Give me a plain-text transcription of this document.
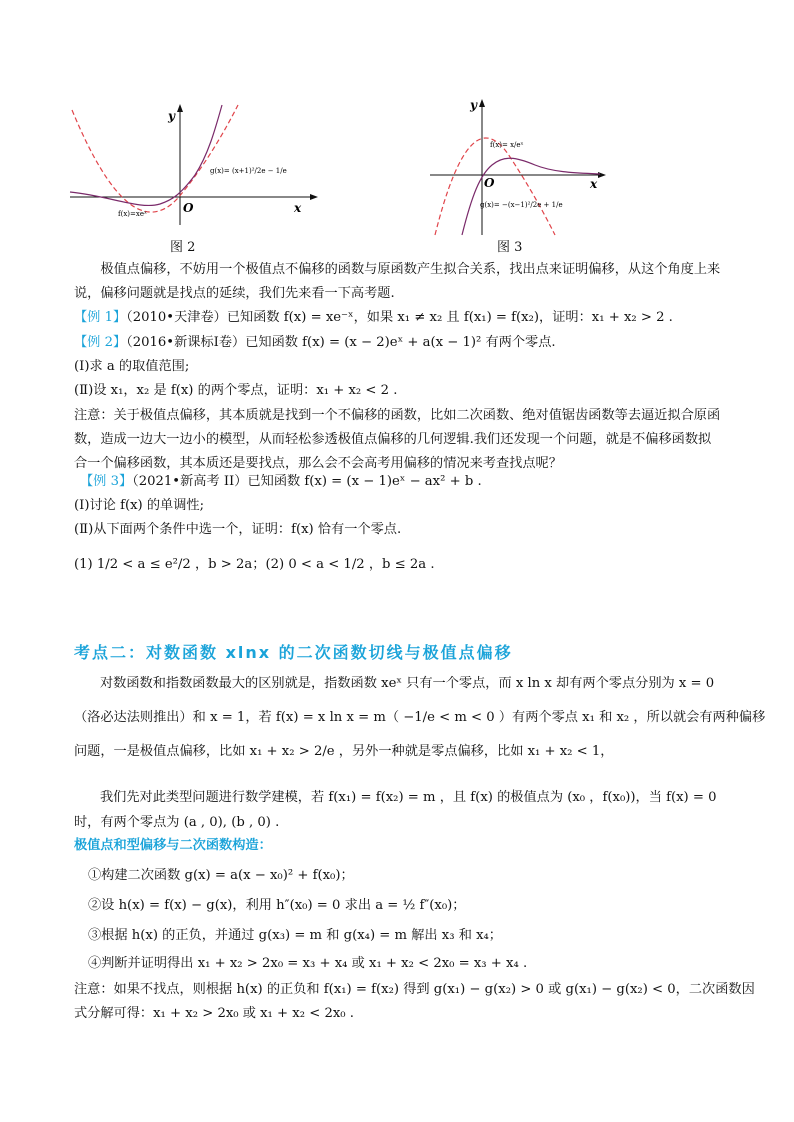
y
x
O
g(x)= (x+1)²/2e − 1/e
f(x)=xeˣ
图 2
y
x
O
f(x)= x/eˣ
g(x)= −(x−1)²/2e + 1/e
图 3
极值点偏移，不妨用一个极值点不偏移的函数与原函数产生拟合关系，找出点来证明偏移，从这个角度上来说，偏移问题就是找点的延续，我们先来看一下高考题.
【例 1】（2010•天津卷）已知函数 f(x) = xe⁻ˣ，如果 x₁ ≠ x₂ 且 f(x₁) = f(x₂)，证明：x₁ + x₂ > 2 .
【例 2】（2016•新课标Ⅰ卷）已知函数 f(x) = (x − 2)eˣ + a(x − 1)² 有两个零点.
(Ⅰ)求 a 的取值范围;
(Ⅱ)设 x₁，x₂ 是 f(x) 的两个零点，证明：x₁ + x₂ < 2 .
注意：关于极值点偏移，其本质就是找到一个不偏移的函数，比如二次函数、绝对值锯齿函数等去逼近拟合原函数，造成一边大一边小的模型，从而轻松参透极值点偏移的几何逻辑.我们还发现一个问题，就是不偏移函数拟合一个偏移函数，其本质还是要找点，那么会不会高考用偏移的情况来考查找点呢？
【例 3】（2021•新高考 II）已知函数 f(x) = (x − 1)eˣ − ax² + b .
(Ⅰ)讨论 f(x) 的单调性;
(Ⅱ)从下面两个条件中选一个，证明：f(x) 恰有一个零点.
(1) 1/2 < a ≤ e²/2 ，b > 2a；(2) 0 < a < 1/2 ，b ≤ 2a .
考点二：对数函数 xlnx 的二次函数切线与极值点偏移
对数函数和指数函数最大的区别就是，指数函数 xeˣ 只有一个零点，而 x ln x 却有两个零点分别为 x = 0
（洛必达法则推出）和 x = 1，若 f(x) = x ln x = m（ −1/e < m < 0 ）有两个零点 x₁ 和 x₂ ，所以就会有两种偏移
问题，一是极值点偏移，比如 x₁ + x₂ > 2/e ，另外一种就是零点偏移，比如 x₁ + x₂ < 1，
我们先对此类型问题进行数学建模，若 f(x₁) = f(x₂) = m ，且 f(x) 的极值点为 (x₀ ，f(x₀))，当 f(x) = 0
时，有两个零点为 (a , 0), (b , 0) .
极值点和型偏移与二次函数构造：
①构建二次函数 g(x) = a(x − x₀)² + f(x₀)；
②设 h(x) = f(x) − g(x)，利用 h″(x₀) = 0 求出 a = ½ f″(x₀)；
③根据 h(x) 的正负，并通过 g(x₃) = m 和 g(x₄) = m 解出 x₃ 和 x₄；
④判断并证明得出 x₁ + x₂ > 2x₀ = x₃ + x₄ 或 x₁ + x₂ < 2x₀ = x₃ + x₄ .
注意：如果不找点，则根据 h(x) 的正负和 f(x₁) = f(x₂) 得到 g(x₁) − g(x₂) > 0 或 g(x₁) − g(x₂) < 0，二次函数因
式分解可得：x₁ + x₂ > 2x₀ 或 x₁ + x₂ < 2x₀ .
